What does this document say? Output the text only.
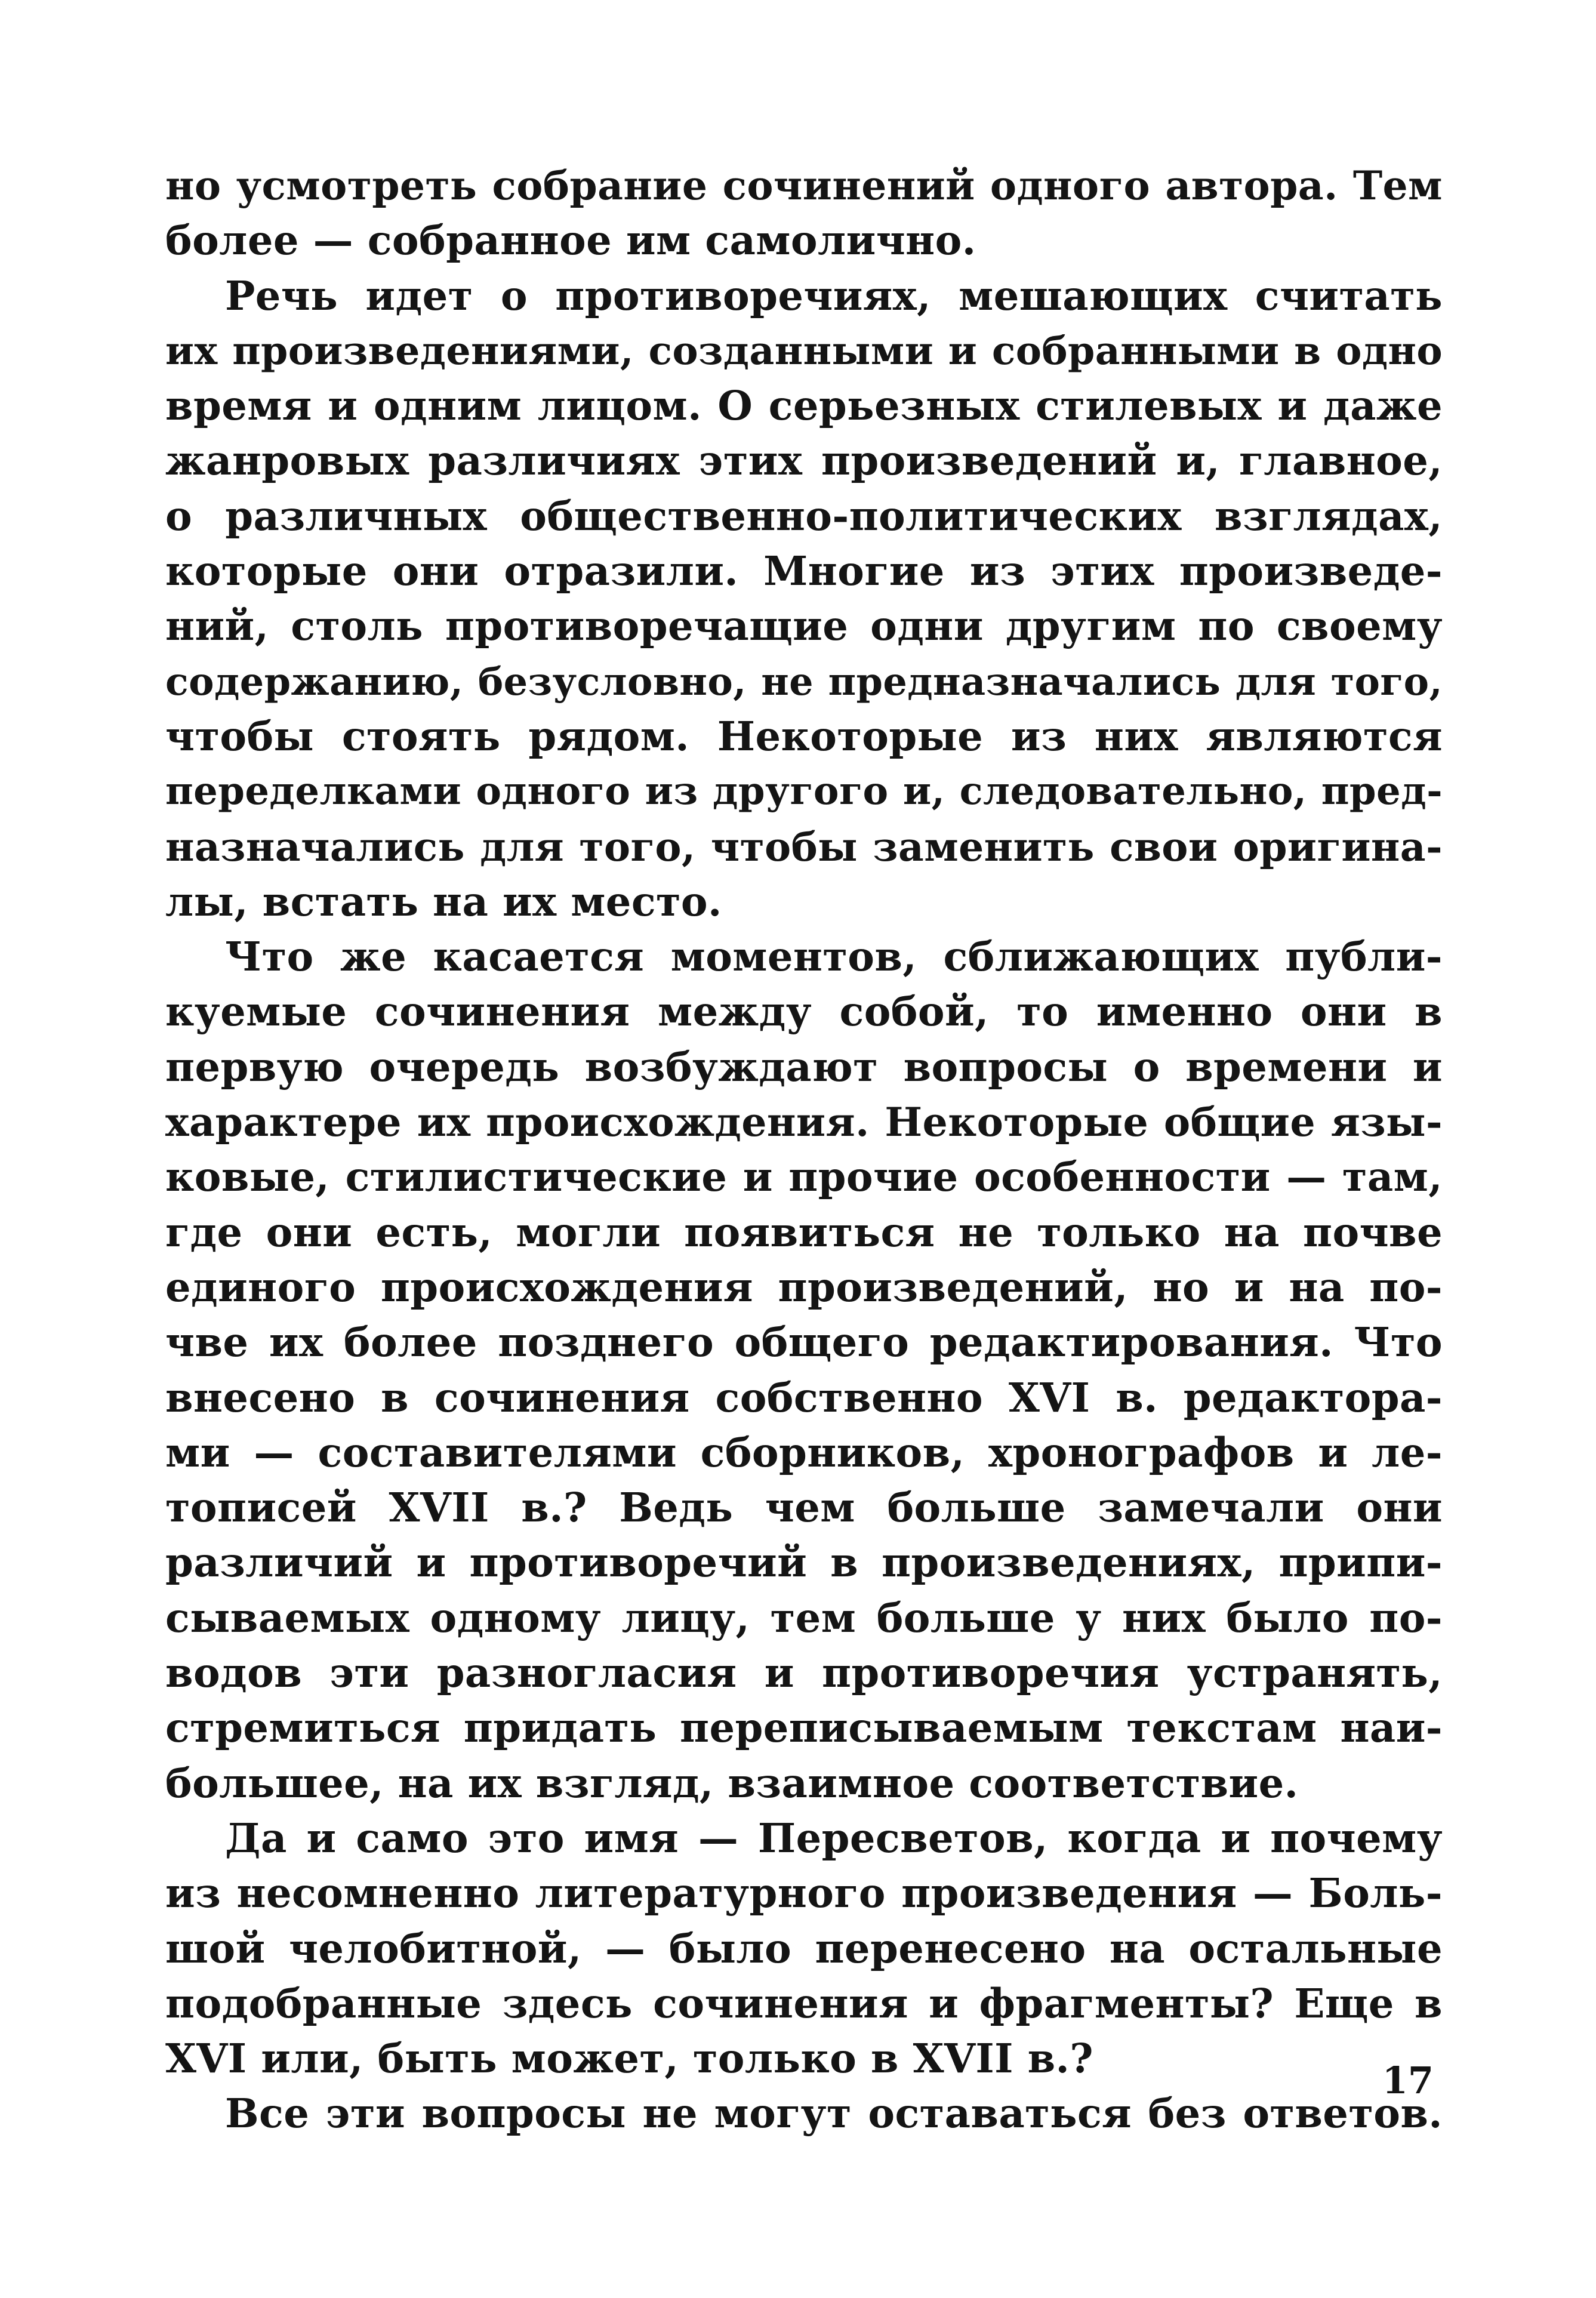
но усмотреть собрание сочинений одного автора. Тем
более — собранное им самолично.
Речь идет о противоречиях, мешающих считать
их произведениями, созданными и собранными в одно
время и одним лицом. О серьезных стилевых и даже
жанровых различиях этих произведений и, главное,
о различных общественно-политических взглядах,
которые они отразили. Многие из этих произведе-
ний, столь противоречащие одни другим по своему
содержанию, безусловно, не предназначались для того,
чтобы стоять рядом. Некоторые из них являются
переделками одного из другого и, следовательно, пред-
назначались для того, чтобы заменить свои оригина-
лы, встать на их место.
Что же касается моментов, сближающих публи-
куемые сочинения между собой, то именно они в
первую очередь возбуждают вопросы о времени и
характере их происхождения. Некоторые общие язы-
ковые, стилистические и прочие особенности — там,
где они есть, могли появиться не только на почве
единого происхождения произведений, но и на по-
чве их более позднего общего редактирования. Что
внесено в сочинения собственно XVI в. редактора-
ми — составителями сборников, хронографов и ле-
тописей XVII в.? Ведь чем больше замечали они
различий и противоречий в произведениях, припи-
сываемых одному лицу, тем больше у них было по-
водов эти разногласия и противоречия устранять,
стремиться придать переписываемым текстам наи-
большее, на их взгляд, взаимное соответствие.
Да и само это имя — Пересветов, когда и почему
из несомненно литературного произведения — Боль-
шой челобитной, — было перенесено на остальные
подобранные здесь сочинения и фрагменты? Еще в
XVI или, быть может, только в XVII в.?
Все эти вопросы не могут оставаться без ответов.
17
